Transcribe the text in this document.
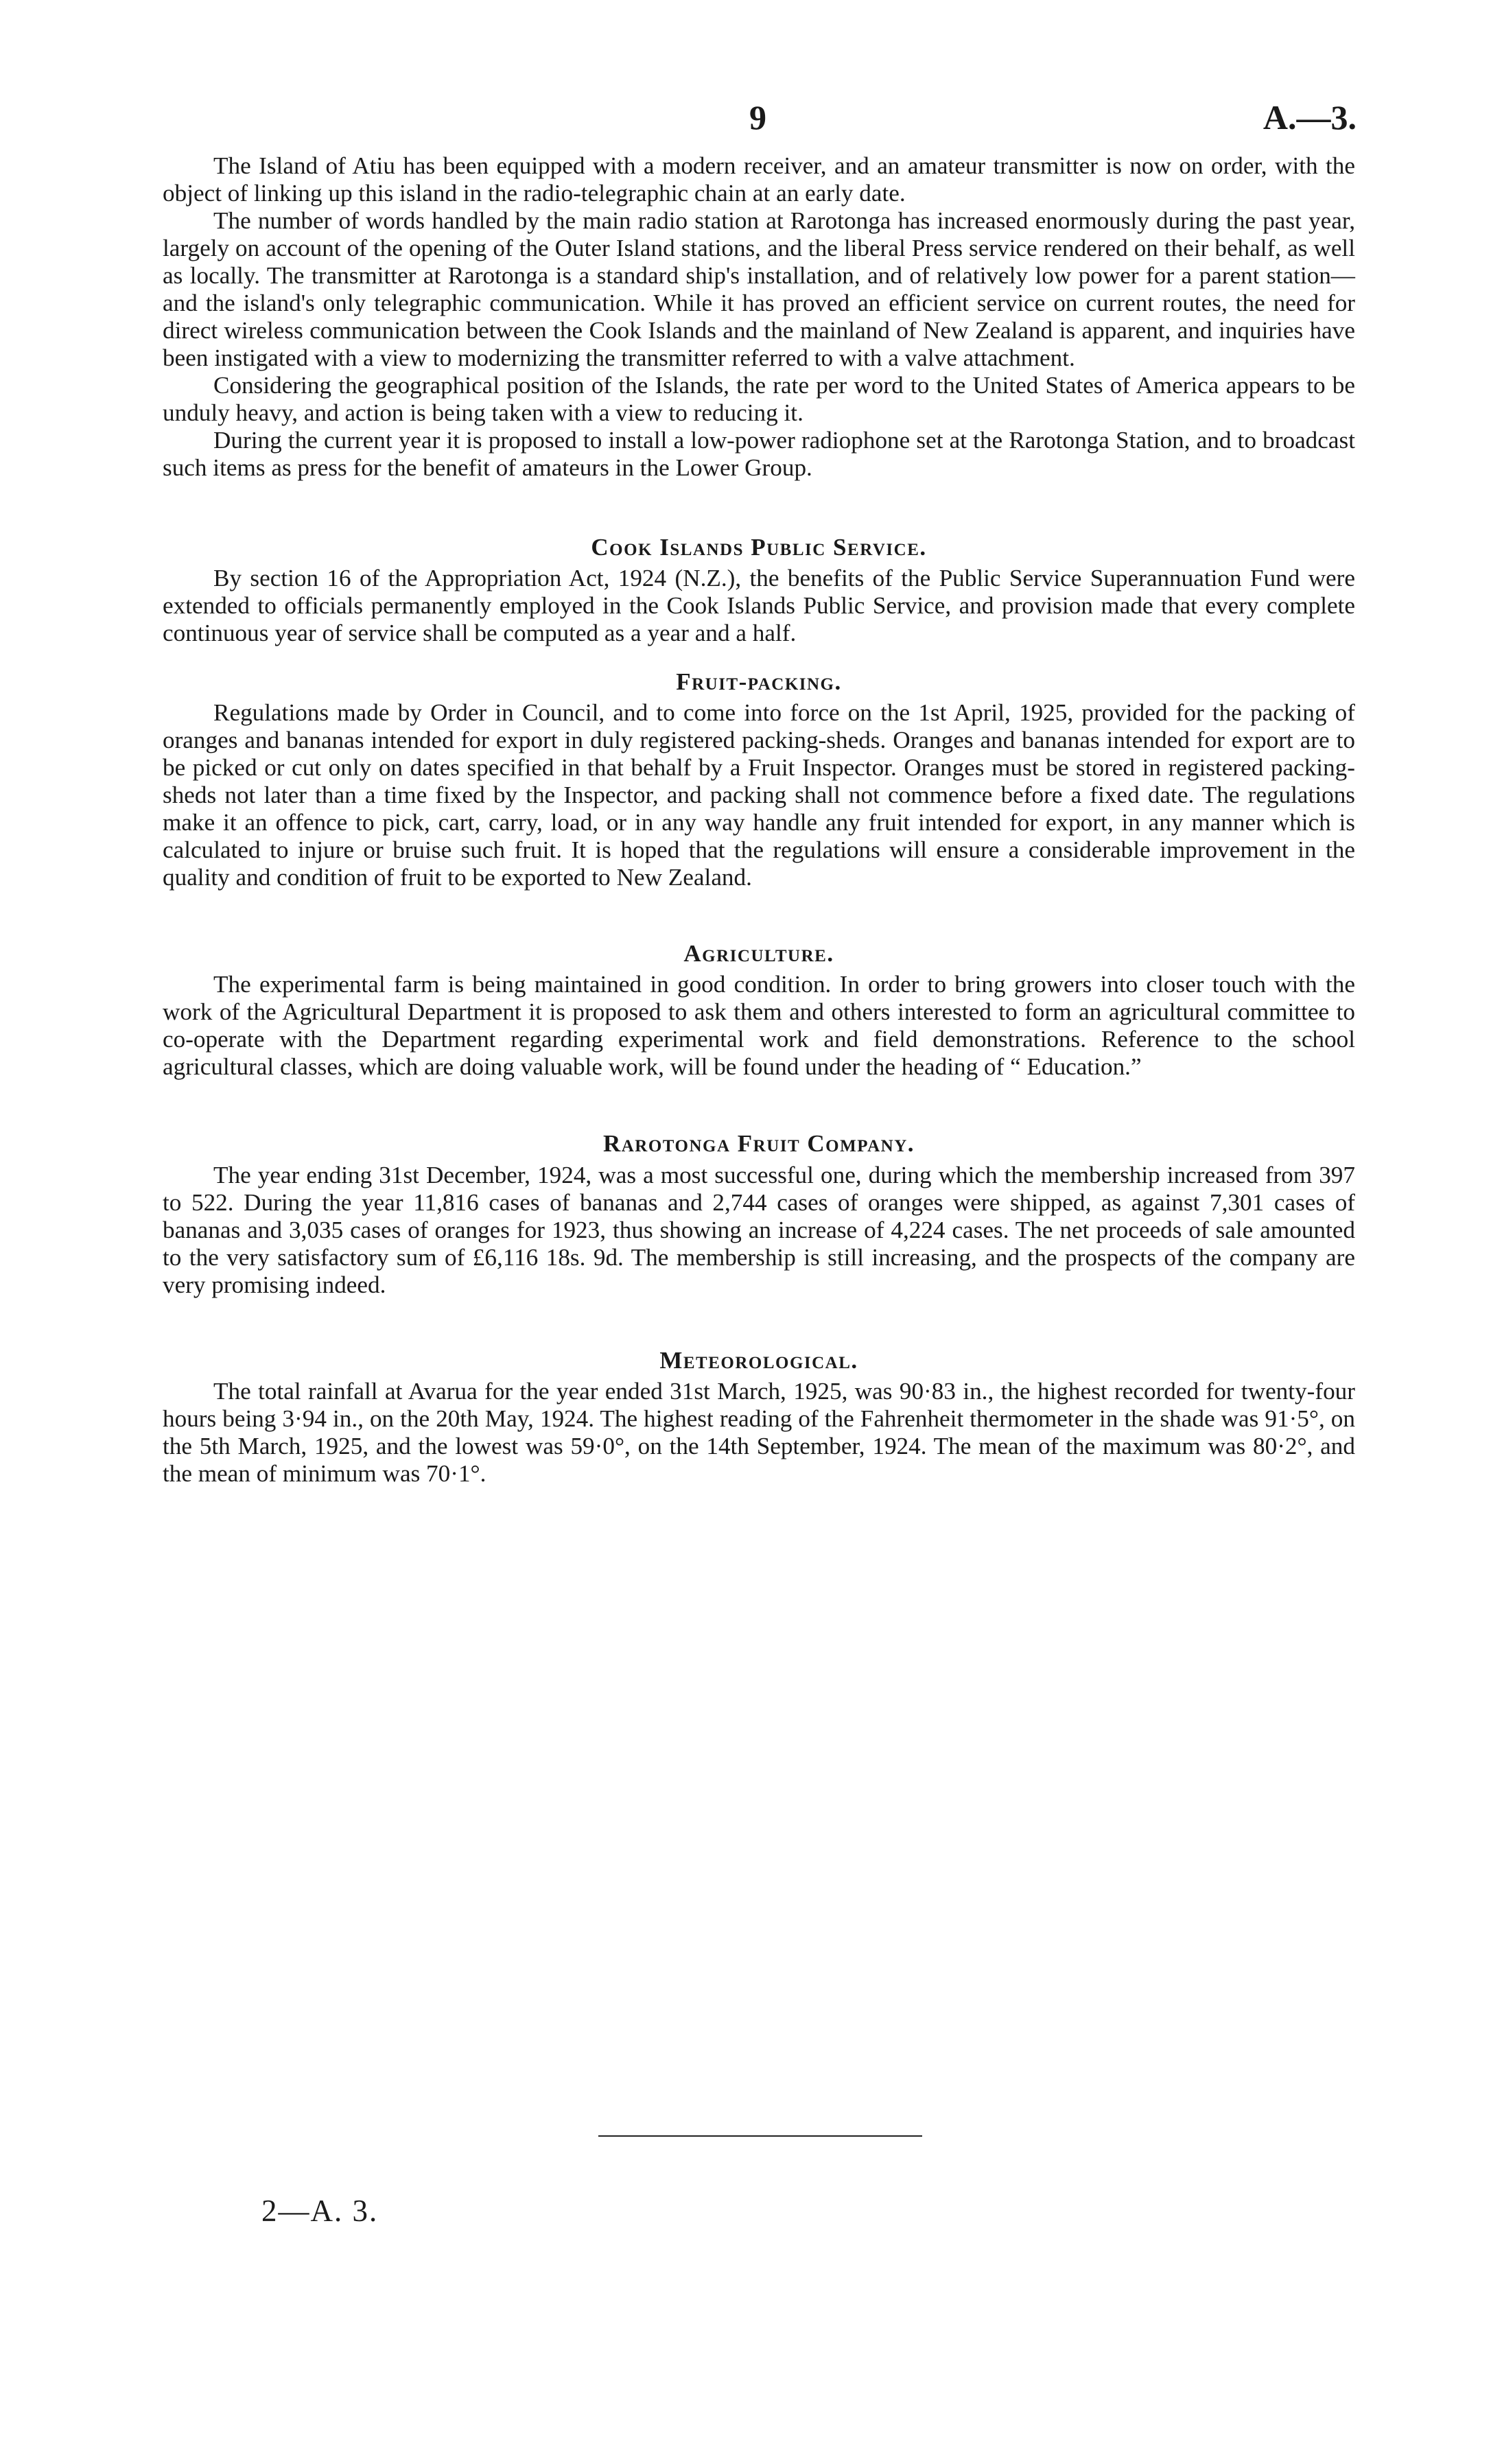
9	A.—3.

The Island of Atiu has been equipped with a modern receiver, and an amateur transmitter is now on order, with the object of linking up this island in the radio-telegraphic chain at an early date.

The number of words handled by the main radio station at Rarotonga has increased enormously during the past year, largely on account of the opening of the Outer Island stations, and the liberal Press service rendered on their behalf, as well as locally. The transmitter at Rarotonga is a standard ship's installation, and of relatively low power for a parent station—and the island's only telegraphic communication. While it has proved an efficient service on current routes, the need for direct wireless communication between the Cook Islands and the mainland of New Zealand is apparent, and inquiries have been instigated with a view to modernizing the transmitter referred to with a valve attachment.

Considering the geographical position of the Islands, the rate per word to the United States of America appears to be unduly heavy, and action is being taken with a view to reducing it.

During the current year it is proposed to install a low-power radiophone set at the Rarotonga Station, and to broadcast such items as press for the benefit of amateurs in the Lower Group.

Cook Islands Public Service.

By section 16 of the Appropriation Act, 1924 (N.Z.), the benefits of the Public Service Superannuation Fund were extended to officials permanently employed in the Cook Islands Public Service, and provision made that every complete continuous year of service shall be computed as a year and a half.

Fruit-packing.

Regulations made by Order in Council, and to come into force on the 1st April, 1925, provided for the packing of oranges and bananas intended for export in duly registered packing-sheds. Oranges and bananas intended for export are to be picked or cut only on dates specified in that behalf by a Fruit Inspector. Oranges must be stored in registered packing-sheds not later than a time fixed by the Inspector, and packing shall not commence before a fixed date. The regulations make it an offence to pick, cart, carry, load, or in any way handle any fruit intended for export, in any manner which is calculated to injure or bruise such fruit. It is hoped that the regulations will ensure a considerable improvement in the quality and condition of fruit to be exported to New Zealand.

Agriculture.

The experimental farm is being maintained in good condition. In order to bring growers into closer touch with the work of the Agricultural Department it is proposed to ask them and others interested to form an agricultural committee to co-operate with the Department regarding experimental work and field demonstrations. Reference to the school agricultural classes, which are doing valuable work, will be found under the heading of “ Education.”

Rarotonga Fruit Company.

The year ending 31st December, 1924, was a most successful one, during which the membership increased from 397 to 522. During the year 11,816 cases of bananas and 2,744 cases of oranges were shipped, as against 7,301 cases of bananas and 3,035 cases of oranges for 1923, thus showing an increase of 4,224 cases. The net proceeds of sale amounted to the very satisfactory sum of £6,116 18s. 9d. The membership is still increasing, and the prospects of the company are very promising indeed.

Meteorological.

The total rainfall at Avarua for the year ended 31st March, 1925, was 90·83 in., the highest recorded for twenty-four hours being 3·94 in., on the 20th May, 1924. The highest reading of the Fahrenheit thermometer in the shade was 91·5°, on the 5th March, 1925, and the lowest was 59·0°, on the 14th September, 1924. The mean of the maximum was 80·2°, and the mean of minimum was 70·1°.

2—A. 3.
